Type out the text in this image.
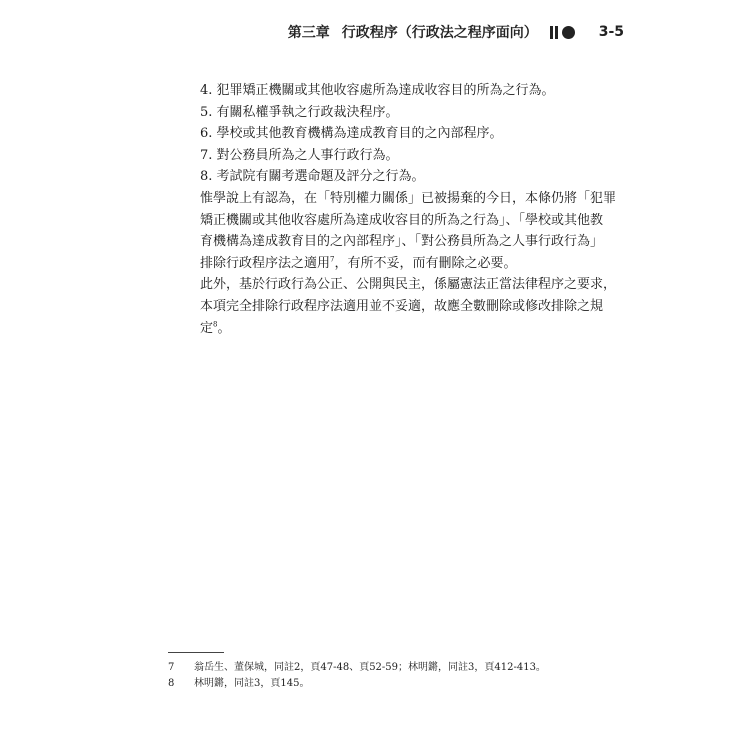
第三章 行政程序（行政法之程序面向）	3-5

4. 犯罪矯正機關或其他收容處所為達成收容目的所為之行為。

5. 有關私權爭執之行政裁決程序。

6. 學校或其他教育機構為達成教育目的之內部程序。

7. 對公務員所為之人事行政行為。

8. 考試院有關考選命題及評分之行為。

惟學說上有認為，在「特別權力關係」已被揚棄的今日，本條仍將「犯罪

矯正機關或其他收容處所為達成收容目的所為之行為」、「學校或其他教

育機構為達成教育目的之內部程序」、「對公務員所為之人事行政行為」

排除行政程序法之適用$^7$，有所不妥，而有刪除之必要。

此外，基於行政行為公正、公開與民主，係屬憲法正當法律程序之要求，

本項完全排除行政程序法適用並不妥適，故應全數刪除或修改排除之規

定$^8$。

7	翁岳生、董保城，同註2，頁47-48、頁52-59；林明鏘，同註3，頁412-413。
8	林明鏘，同註3，頁145。
